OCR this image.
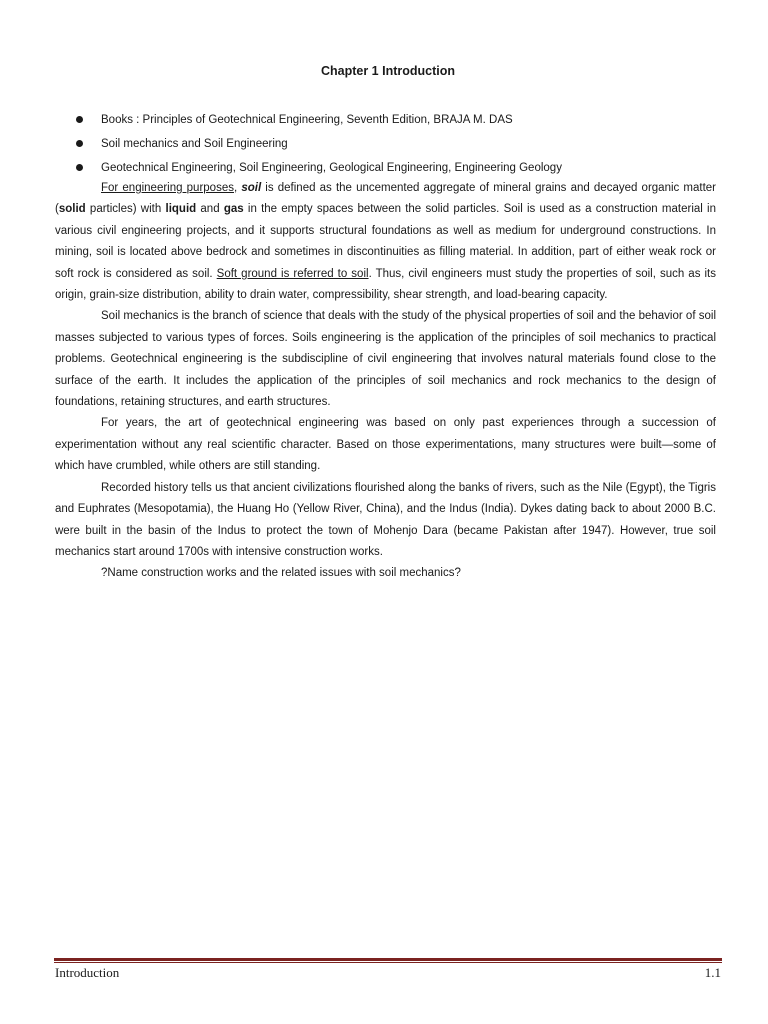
Chapter 1 Introduction
Books : Principles of Geotechnical Engineering, Seventh Edition, BRAJA M. DAS
Soil mechanics and Soil Engineering
Geotechnical Engineering, Soil Engineering, Geological Engineering, Engineering Geology

For engineering purposes, soil is defined as the uncemented aggregate of mineral grains and decayed organic matter (solid particles) with liquid and gas in the empty spaces between the solid particles. Soil is used as a construction material in various civil engineering projects, and it supports structural foundations as well as medium for underground constructions. In mining, soil is located above bedrock and sometimes in discontinuities as filling material. In addition, part of either weak rock or soft rock is considered as soil. Soft ground is referred to soil. Thus, civil engineers must study the properties of soil, such as its origin, grain-size distribution, ability to drain water, compressibility, shear strength, and load-bearing capacity.

Soil mechanics is the branch of science that deals with the study of the physical properties of soil and the behavior of soil masses subjected to various types of forces. Soils engineering is the application of the principles of soil mechanics to practical problems. Geotechnical engineering is the subdiscipline of civil engineering that involves natural materials found close to the surface of the earth. It includes the application of the principles of soil mechanics and rock mechanics to the design of foundations, retaining structures, and earth structures.

For years, the art of geotechnical engineering was based on only past experiences through a succession of experimentation without any real scientific character. Based on those experimentations, many structures were built—some of which have crumbled, while others are still standing.

Recorded history tells us that ancient civilizations flourished along the banks of rivers, such as the Nile (Egypt), the Tigris and Euphrates (Mesopotamia), the Huang Ho (Yellow River, China), and the Indus (India). Dykes dating back to about 2000 B.C. were built in the basin of the Indus to protect the town of Mohenjo Dara (became Pakistan after 1947). However, true soil mechanics start around 1700s with intensive construction works.

?Name construction works and the related issues with soil mechanics?

Introduction	1.1
